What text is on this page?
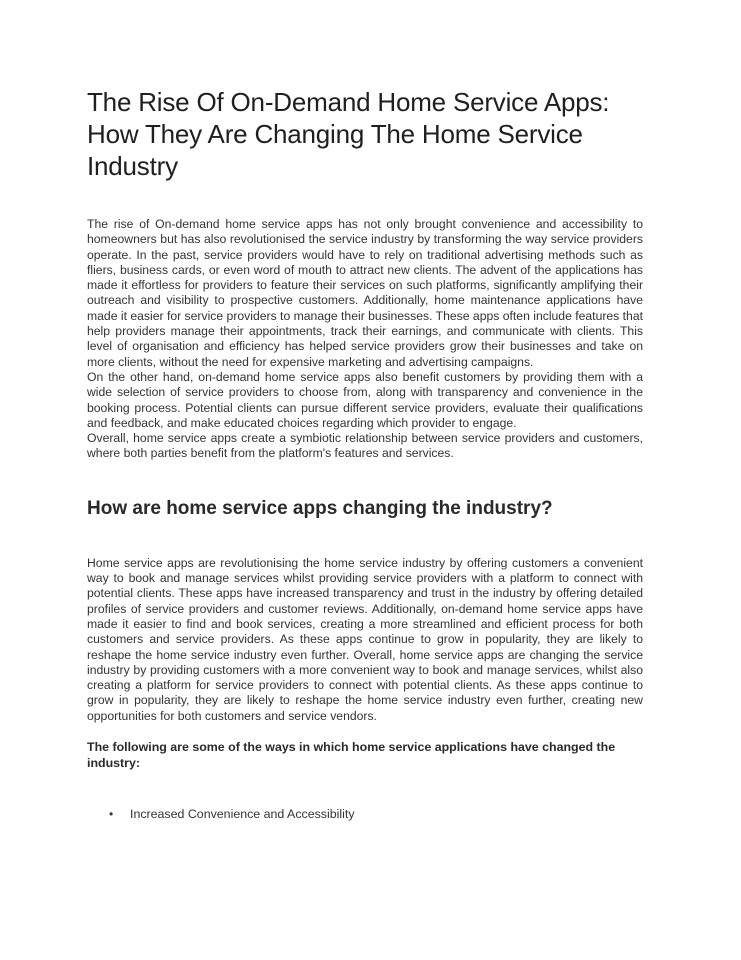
The Rise Of On-Demand Home Service Apps: How They Are Changing The Home Service Industry

The rise of On-demand home service apps has not only brought convenience and accessibility to homeowners but has also revolutionised the service industry by transforming the way service providers operate. In the past, service providers would have to rely on traditional advertising methods such as fliers, business cards, or even word of mouth to attract new clients. The advent of the applications has made it effortless for providers to feature their services on such platforms, significantly amplifying their outreach and visibility to prospective customers. Additionally, home maintenance applications have made it easier for service providers to manage their businesses. These apps often include features that help providers manage their appointments, track their earnings, and communicate with clients. This level of organisation and efficiency has helped service providers grow their businesses and take on more clients, without the need for expensive marketing and advertising campaigns.

On the other hand, on-demand home service apps also benefit customers by providing them with a wide selection of service providers to choose from, along with transparency and convenience in the booking process. Potential clients can pursue different service providers, evaluate their qualifications and feedback, and make educated choices regarding which provider to engage.

Overall, home service apps create a symbiotic relationship between service providers and customers, where both parties benefit from the platform's features and services.

How are home service apps changing the industry?

Home service apps are revolutionising the home service industry by offering customers a convenient way to book and manage services whilst providing service providers with a platform to connect with potential clients. These apps have increased transparency and trust in the industry by offering detailed profiles of service providers and customer reviews. Additionally, on-demand home service apps have made it easier to find and book services, creating a more streamlined and efficient process for both customers and service providers. As these apps continue to grow in popularity, they are likely to reshape the home service industry even further. Overall, home service apps are changing the service industry by providing customers with a more convenient way to book and manage services, whilst also creating a platform for service providers to connect with potential clients. As these apps continue to grow in popularity, they are likely to reshape the home service industry even further, creating new opportunities for both customers and service vendors.

The following are some of the ways in which home service applications have changed the industry:

• Increased Convenience and Accessibility
